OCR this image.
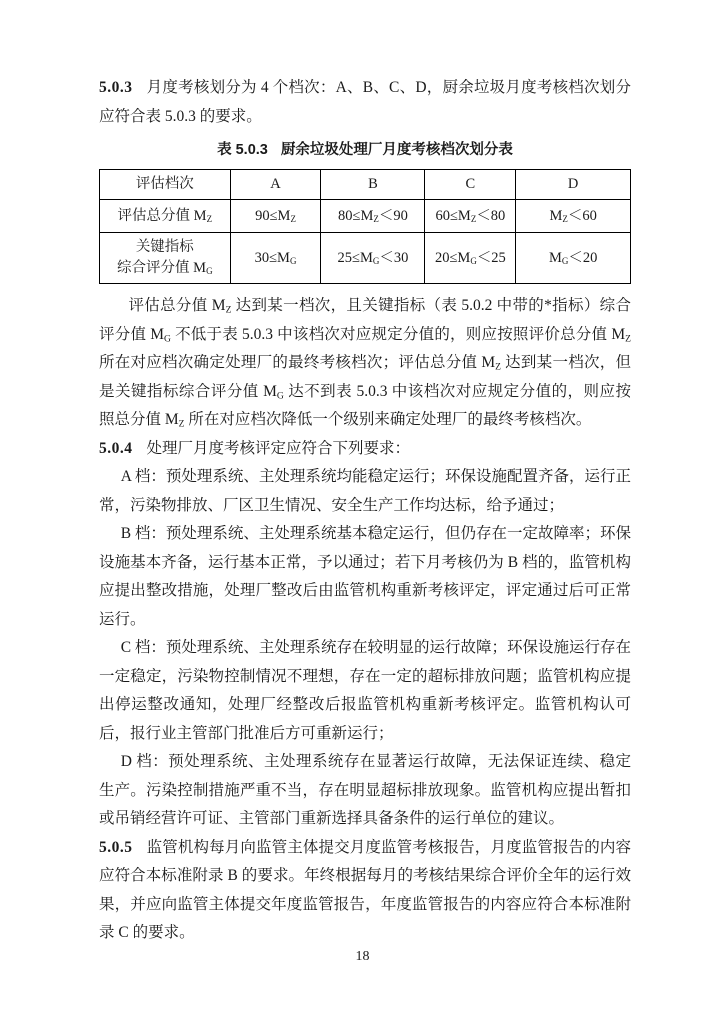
5.0.3 月度考核划分为 4 个档次：A、B、C、D，厨余垃圾月度考核档次划分应符合表 5.0.3 的要求。

表 5.0.3 厨余垃圾处理厂月度考核档次划分表

评估档次	A	B	C	D
评估总分值 $M_Z$	$90\le M_Z$	$80\le M_Z<90$	$60\le M_Z<80$	$M_Z<60$
关键指标
综合评分值 $M_G$	$30\le M_G$	$25\le M_G<30$	$20\le M_G<25$	$M_G<20$

评估总分值 $M_Z$ 达到某一档次，且关键指标（表 5.0.2 中带的*指标）综合评分值 $M_G$ 不低于表 5.0.3 中该档次对应规定分值的，则应按照评价总分值 $M_Z$ 所在对应档次确定处理厂的最终考核档次；评估总分值 $M_Z$ 达到某一档次，但是关键指标综合评分值 $M_G$ 达不到表 5.0.3 中该档次对应规定分值的，则应按照总分值 $M_Z$ 所在对应档次降低一个级别来确定处理厂的最终考核档次。

5.0.4 处理厂月度考核评定应符合下列要求：

A 档：预处理系统、主处理系统均能稳定运行；环保设施配置齐备，运行正常，污染物排放、厂区卫生情况、安全生产工作均达标，给予通过；

B 档：预处理系统、主处理系统基本稳定运行，但仍存在一定故障率；环保设施基本齐备，运行基本正常，予以通过；若下月考核仍为 B 档的，监管机构应提出整改措施，处理厂整改后由监管机构重新考核评定，评定通过后可正常运行。

C 档：预处理系统、主处理系统存在较明显的运行故障；环保设施运行存在一定稳定，污染物控制情况不理想，存在一定的超标排放问题；监管机构应提出停运整改通知，处理厂经整改后报监管机构重新考核评定。监管机构认可后，报行业主管部门批准后方可重新运行；

D 档：预处理系统、主处理系统存在显著运行故障，无法保证连续、稳定生产。污染控制措施严重不当，存在明显超标排放现象。监管机构应提出暂扣或吊销经营许可证、主管部门重新选择具备条件的运行单位的建议。

5.0.5 监管机构每月向监管主体提交月度监管考核报告，月度监管报告的内容应符合本标准附录 B 的要求。年终根据每月的考核结果综合评价全年的运行效果，并应向监管主体提交年度监管报告，年度监管报告的内容应符合本标准附录 C 的要求。

18
